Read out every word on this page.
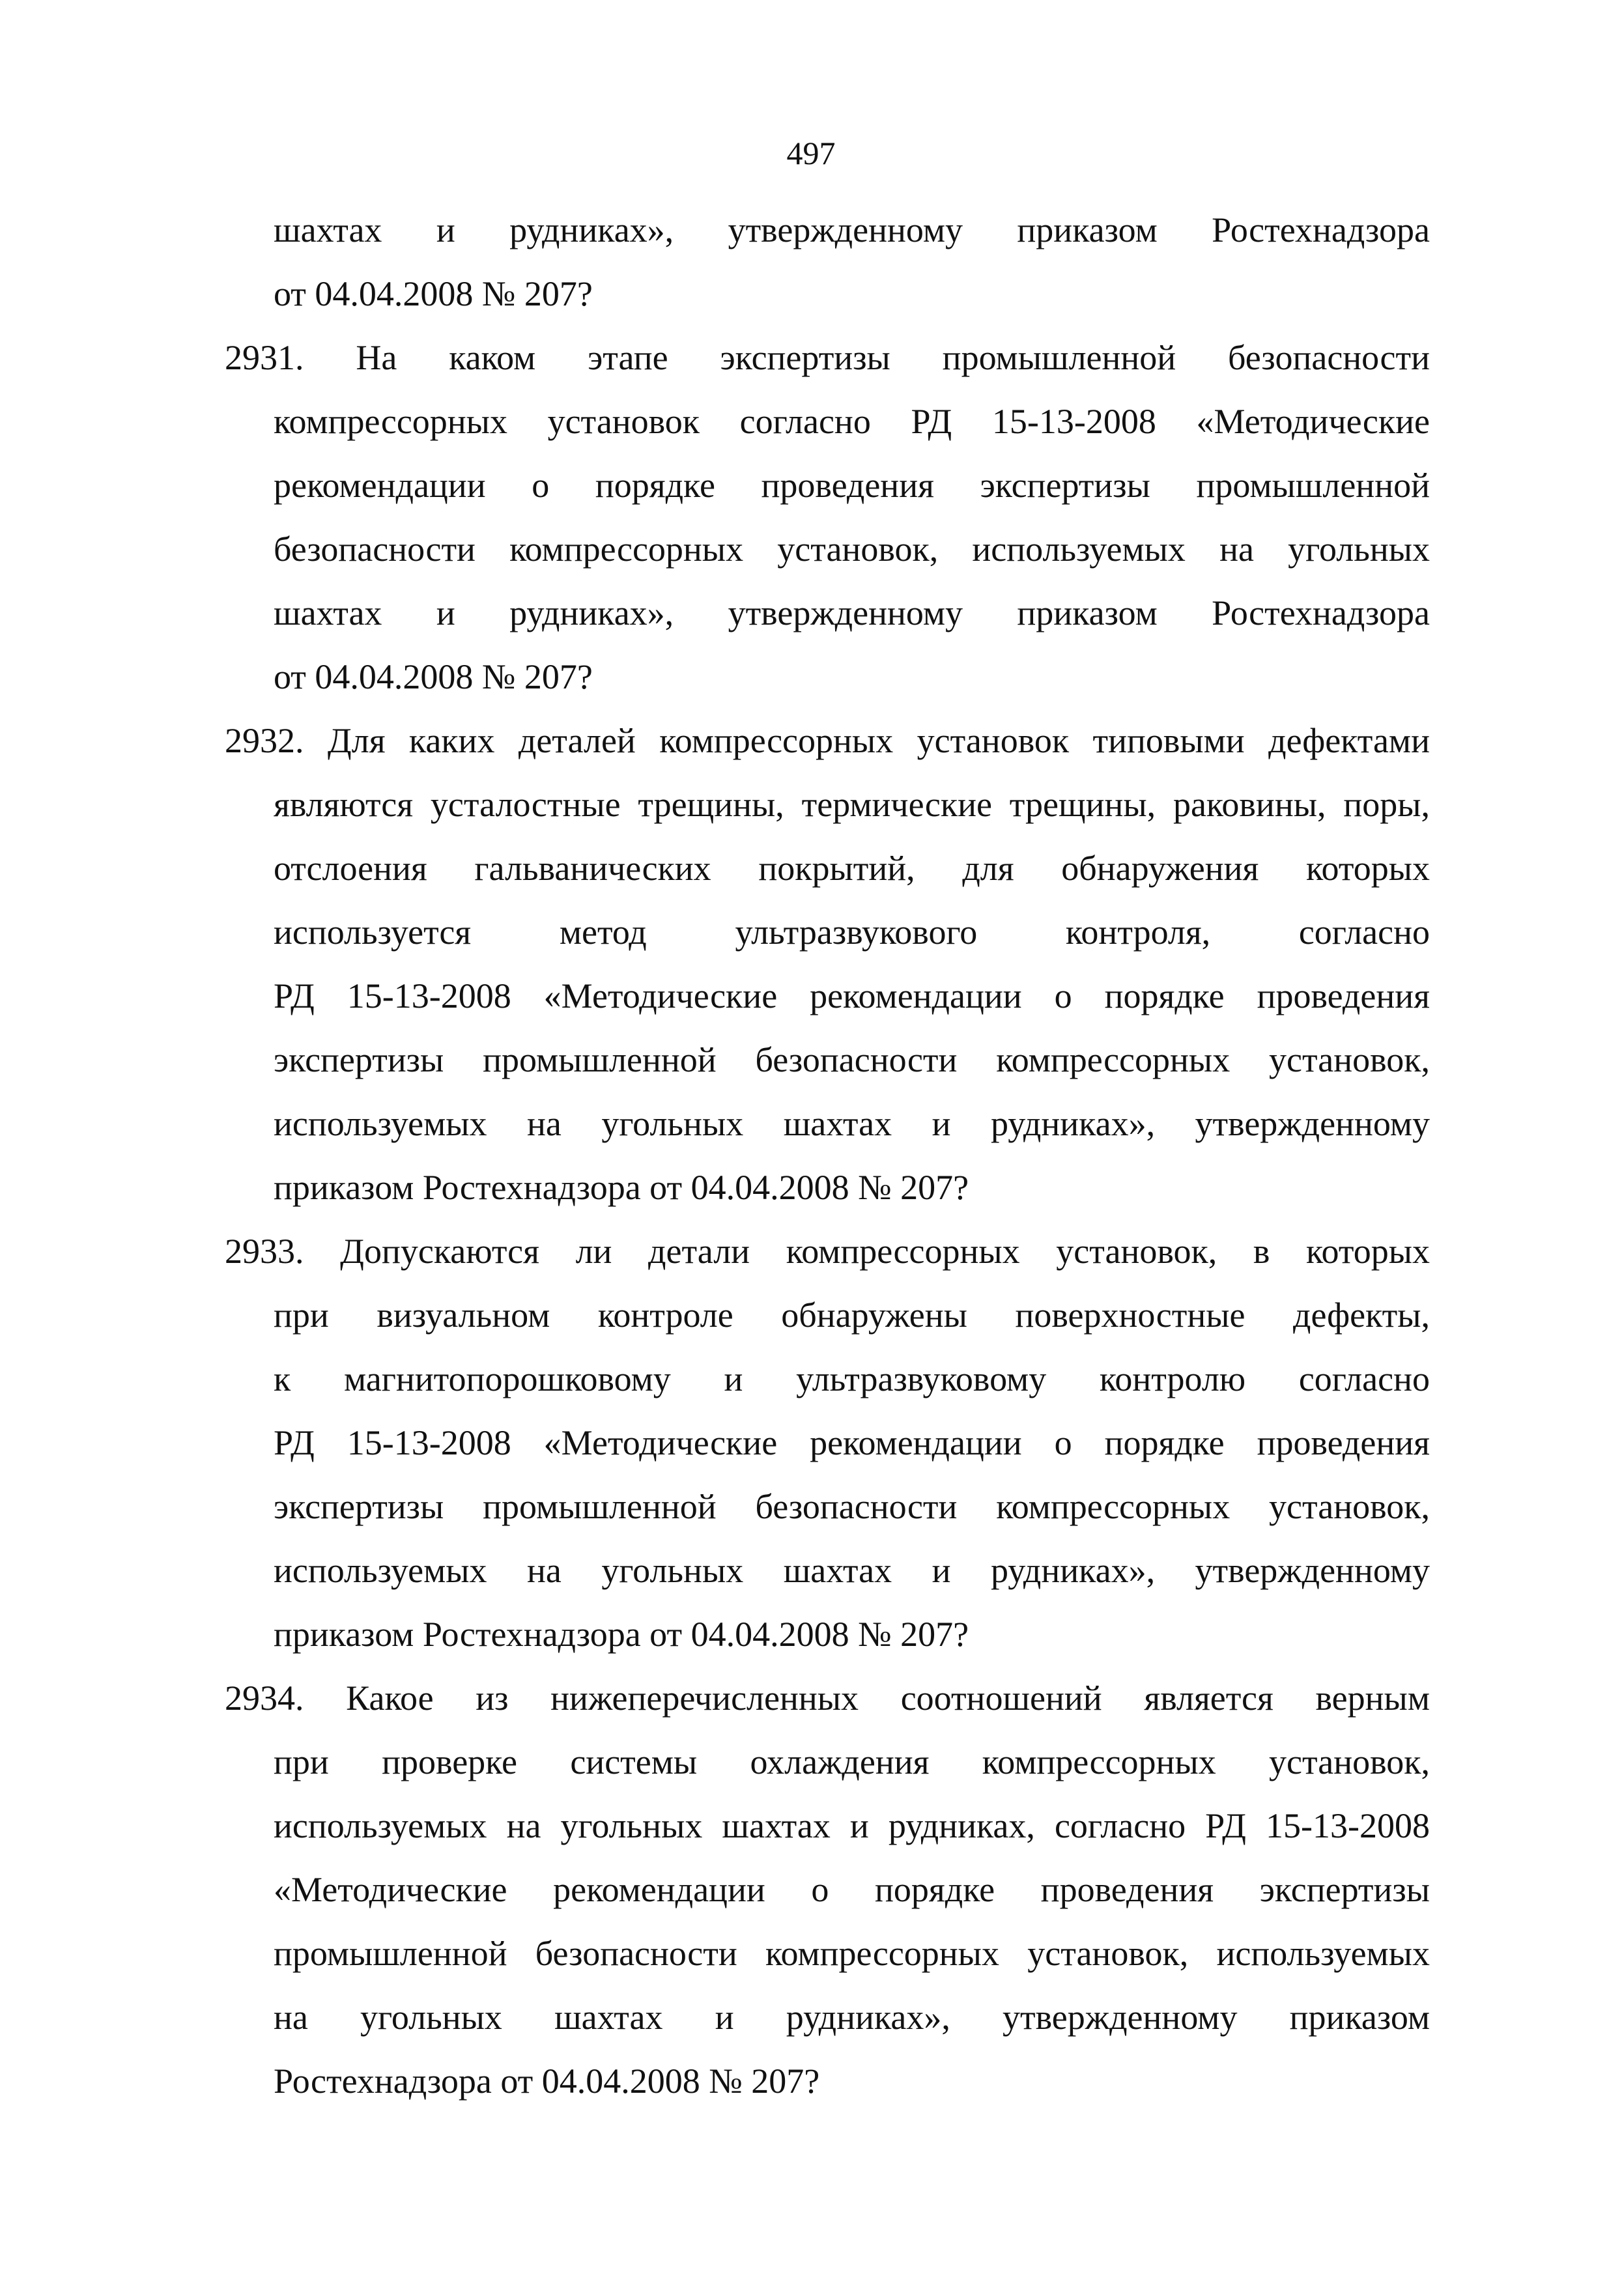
497
шахтах и рудниках», утвержденному приказом Ростехнадзора
от 04.04.2008 № 207?
2931. На каком этапе экспертизы промышленной безопасности
компрессорных установок согласно РД 15-13-2008 «Методические
рекомендации о порядке проведения экспертизы промышленной
безопасности компрессорных установок, используемых на угольных
шахтах и рудниках», утвержденному приказом Ростехнадзора
от 04.04.2008 № 207?
2932. Для каких деталей компрессорных установок типовыми дефектами
являются усталостные трещины, термические трещины, раковины, поры,
отслоения гальванических покрытий, для обнаружения которых
используется метод ультразвукового контроля, согласно
РД 15-13-2008 «Методические рекомендации о порядке проведения
экспертизы промышленной безопасности компрессорных установок,
используемых на угольных шахтах и рудниках», утвержденному
приказом Ростехнадзора от 04.04.2008 № 207?
2933. Допускаются ли детали компрессорных установок, в которых
при визуальном контроле обнаружены поверхностные дефекты,
к магнитопорошковому и ультразвуковому контролю согласно
РД 15-13-2008 «Методические рекомендации о порядке проведения
экспертизы промышленной безопасности компрессорных установок,
используемых на угольных шахтах и рудниках», утвержденному
приказом Ростехнадзора от 04.04.2008 № 207?
2934. Какое из нижеперечисленных соотношений является верным
при проверке системы охлаждения компрессорных установок,
используемых на угольных шахтах и рудниках, согласно РД 15-13-2008
«Методические рекомендации о порядке проведения экспертизы
промышленной безопасности компрессорных установок, используемых
на угольных шахтах и рудниках», утвержденному приказом
Ростехнадзора от 04.04.2008 № 207?
